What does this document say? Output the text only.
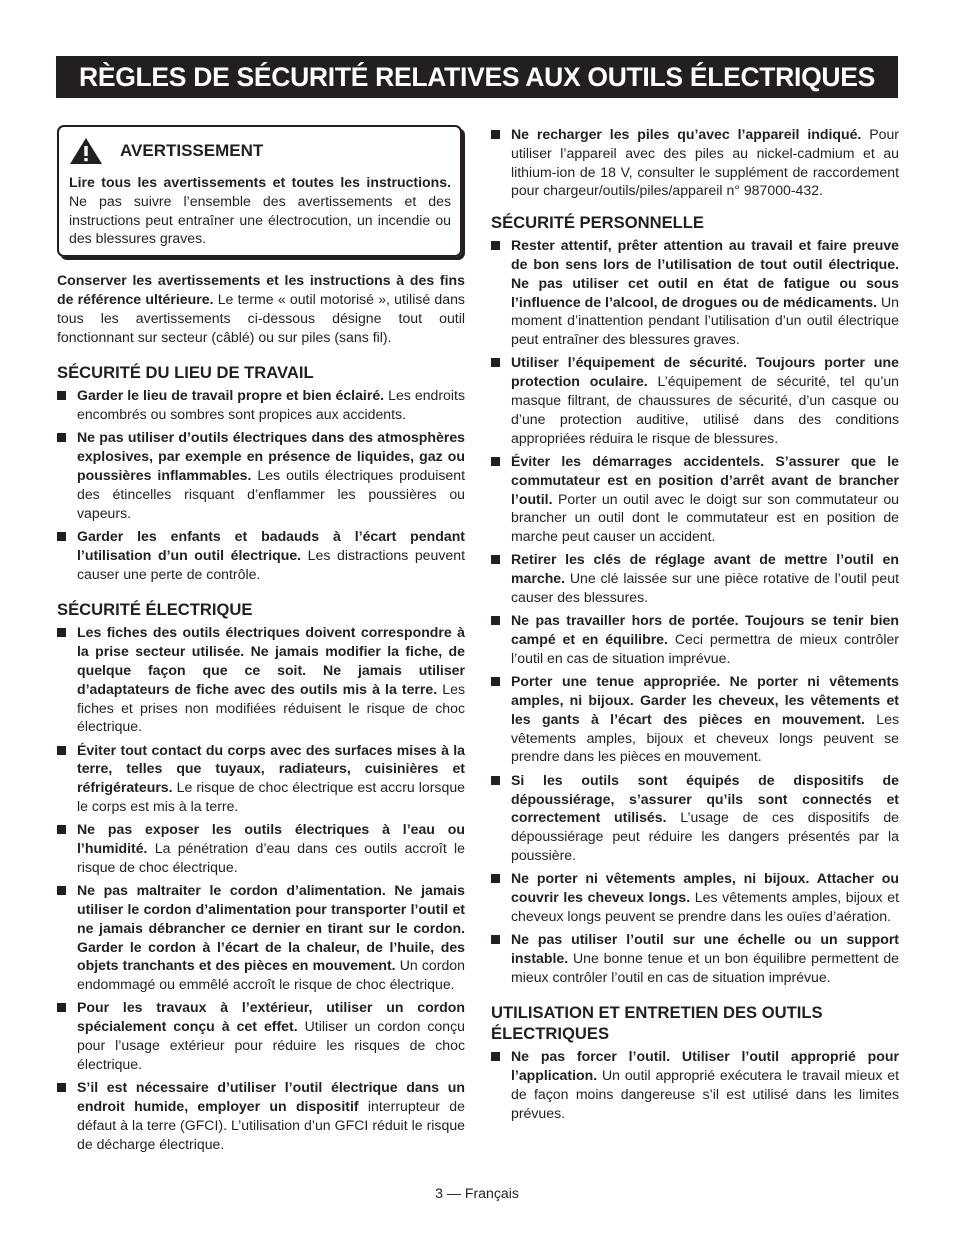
RÈGLES DE SÉCURITÉ RELATIVES AUX OUTILS ÉLECTRIQUES
AVERTISSEMENT

Lire tous les avertissements et toutes les instructions. Ne pas suivre l’ensemble des avertissements et des instructions peut entraîner une électrocution, un incendie ou des blessures graves.

Conserver les avertissements et les instructions à des fins de référence ultérieure. Le terme « outil motorisé », utilisé dans tous les avertissements ci-dessous désigne tout outil fonctionnant sur secteur (câblé) ou sur piles (sans fil).

SÉCURITÉ DU LIEU DE TRAVAIL
Garder le lieu de travail propre et bien éclairé. Les endroits encombrés ou sombres sont propices aux accidents.
Ne pas utiliser d’outils électriques dans des atmosphères explosives, par exemple en présence de liquides, gaz ou poussières inflammables. Les outils électriques produisent des étincelles risquant d’enflammer les poussières ou vapeurs.
Garder les enfants et badauds à l’écart pendant l’utilisation d’un outil électrique. Les distractions peuvent causer une perte de contrôle.
SÉCURITÉ ÉLECTRIQUE
Les fiches des outils électriques doivent correspondre à la prise secteur utilisée. Ne jamais modifier la fiche, de quelque façon que ce soit. Ne jamais utiliser d’adaptateurs de fiche avec des outils mis à la terre. Les fiches et prises non modifiées réduisent le risque de choc électrique.
Éviter tout contact du corps avec des surfaces mises à la terre, telles que tuyaux, radiateurs, cuisinières et réfrigérateurs. Le risque de choc électrique est accru lorsque le corps est mis à la terre.
Ne pas exposer les outils électriques à l’eau ou l’humidité. La pénétration d’eau dans ces outils accroît le risque de choc électrique.
Ne pas maltraiter le cordon d’alimentation. Ne jamais utiliser le cordon d’alimentation pour transporter l’outil et ne jamais débrancher ce dernier en tirant sur le cordon. Garder le cordon à l’écart de la chaleur, de l’huile, des objets tranchants et des pièces en mouvement. Un cordon endommagé ou emmêlé accroît le risque de choc électrique.
Pour les travaux à l’extérieur, utiliser un cordon spécialement conçu à cet effet. Utiliser un cordon conçu pour l’usage extérieur pour réduire les risques de choc électrique.
S’il est nécessaire d’utiliser l’outil électrique dans un endroit humide, employer un dispositif interrupteur de défaut à la terre (GFCI). L’utilisation d’un GFCI réduit le risque de décharge électrique.
Ne recharger les piles qu’avec l’appareil indiqué. Pour utiliser l’appareil avec des piles au nickel-cadmium et au lithium-ion de 18 V, consulter le supplément de raccordement pour chargeur/outils/piles/appareil n° 987000-432.
SÉCURITÉ PERSONNELLE
Rester attentif, prêter attention au travail et faire preuve de bon sens lors de l’utilisation de tout outil électrique. Ne pas utiliser cet outil en état de fatigue ou sous l’influence de l’alcool, de drogues ou de médicaments. Un moment d’inattention pendant l’utilisation d’un outil électrique peut entraîner des blessures graves.
Utiliser l’équipement de sécurité. Toujours porter une protection oculaire. L’équipement de sécurité, tel qu’un masque filtrant, de chaussures de sécurité, d’un casque ou d’une protection auditive, utilisé dans des conditions appropriées réduira le risque de blessures.
Éviter les démarrages accidentels. S’assurer que le commutateur est en position d’arrêt avant de brancher l’outil. Porter un outil avec le doigt sur son commutateur ou brancher un outil dont le commutateur est en position de marche peut causer un accident.
Retirer les clés de réglage avant de mettre l’outil en marche. Une clé laissée sur une pièce rotative de l’outil peut causer des blessures.
Ne pas travailler hors de portée. Toujours se tenir bien campé et en équilibre. Ceci permettra de mieux contrôler l’outil en cas de situation imprévue.
Porter une tenue appropriée. Ne porter ni vêtements amples, ni bijoux. Garder les cheveux, les vêtements et les gants à l’écart des pièces en mouvement. Les vêtements amples, bijoux et cheveux longs peuvent se prendre dans les pièces en mouvement.
Si les outils sont équipés de dispositifs de dépoussiérage, s’assurer qu’ils sont connectés et correctement utilisés. L’usage de ces dispositifs de dépoussiérage peut réduire les dangers présentés par la poussière.
Ne porter ni vêtements amples, ni bijoux. Attacher ou couvrir les cheveux longs. Les vêtements amples, bijoux et cheveux longs peuvent se prendre dans les ouïes d’aération.
Ne pas utiliser l’outil sur une échelle ou un support instable. Une bonne tenue et un bon équilibre permettent de mieux contrôler l’outil en cas de situation imprévue.
UTILISATION ET ENTRETIEN DES OUTILS ÉLECTRIQUES
Ne pas forcer l’outil. Utiliser l’outil approprié pour l’application. Un outil approprié exécutera le travail mieux et de façon moins dangereuse s’il est utilisé dans les limites prévues.
3 — Français
